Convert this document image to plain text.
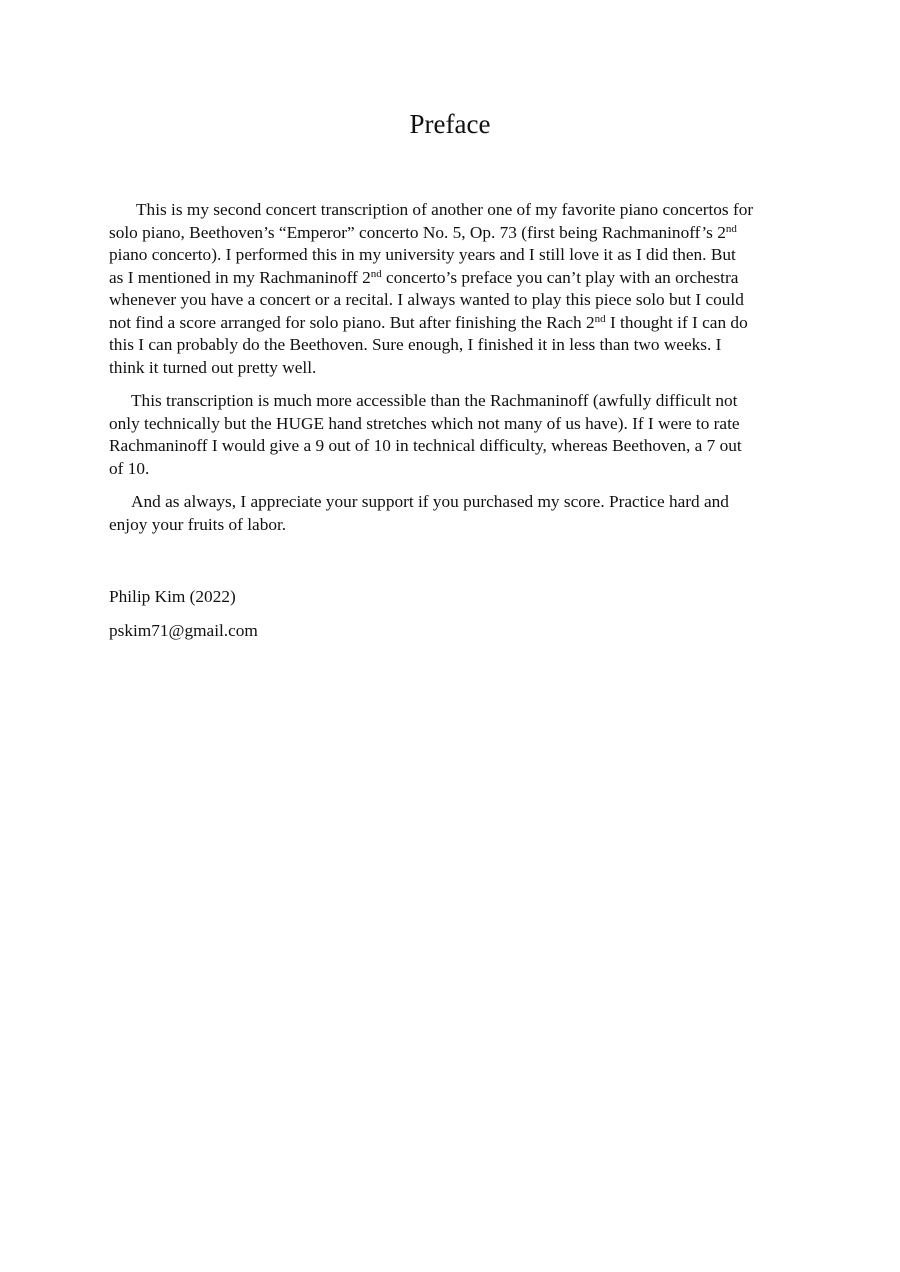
Preface

This is my second concert transcription of another one of my favorite piano concertos for
solo piano, Beethoven’s “Emperor” concerto No. 5, Op. 73 (first being Rachmaninoff’s 2nd
piano concerto). I performed this in my university years and I still love it as I did then. But
as I mentioned in my Rachmaninoff 2nd concerto’s preface you can’t play with an orchestra
whenever you have a concert or a recital. I always wanted to play this piece solo but I could
not find a score arranged for solo piano. But after finishing the Rach 2nd I thought if I can do
this I can probably do the Beethoven. Sure enough, I finished it in less than two weeks. I
think it turned out pretty well.

This transcription is much more accessible than the Rachmaninoff (awfully difficult not
only technically but the HUGE hand stretches which not many of us have). If I were to rate
Rachmaninoff I would give a 9 out of 10 in technical difficulty, whereas Beethoven, a 7 out
of 10.

And as always, I appreciate your support if you purchased my score. Practice hard and
enjoy your fruits of labor.

Philip Kim (2022)
pskim71@gmail.com
